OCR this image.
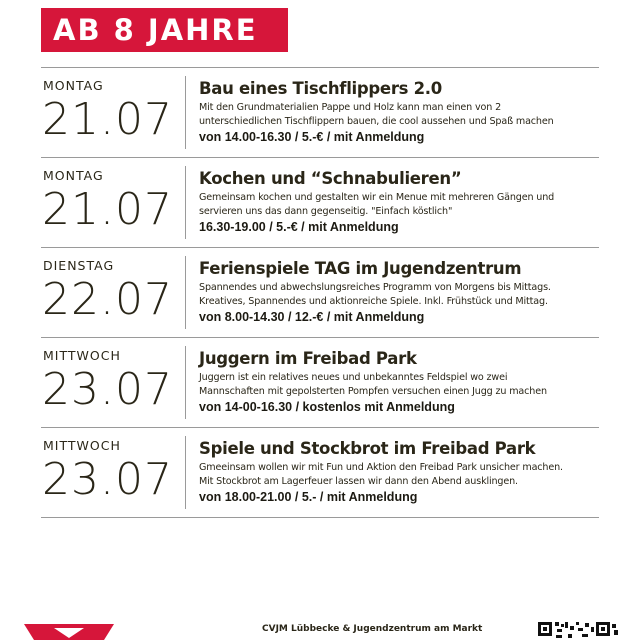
AB 8 JAHRE
MONTAG
21.07
Bau eines Tischflippers 2.0
Mit den Grundmaterialien Pappe und Holz kann man einen von 2
unterschiedlichen Tischflippern bauen, die cool aussehen und Spaß machen
von 14.00-16.30 / 5.-€ / mit Anmeldung
MONTAG
21.07
Kochen und “Schnabulieren”
Gemeinsam kochen und gestalten wir ein Menue mit mehreren Gängen und
servieren uns das dann gegenseitig. "Einfach köstlich"
16.30-19.00 / 5.-€ / mit Anmeldung
DIENSTAG
22.07
Ferienspiele TAG im Jugendzentrum
Spannendes und abwechslungsreiches Programm von Morgens bis Mittags.
Kreatives, Spannendes und aktionreiche Spiele. Inkl. Frühstück und Mittag.
von 8.00-14.30 / 12.-€ / mit Anmeldung
MITTWOCH
23.07
Juggern im Freibad Park
Juggern ist ein relatives neues und unbekanntes Feldspiel wo zwei
Mannschaften mit gepolsterten Pompfen versuchen einen Jugg zu machen
von 14-00-16.30 / kostenlos mit Anmeldung
MITTWOCH
23.07
Spiele und Stockbrot im Freibad Park
Gmeeinsam wollen wir mit Fun und Aktion den Freibad Park unsicher machen.
Mit Stockbrot am Lagerfeuer lassen wir dann den Abend ausklingen.
von 18.00-21.00 / 5.- / mit Anmeldung
CVJM Lübbecke & Jugendzentrum am Markt
